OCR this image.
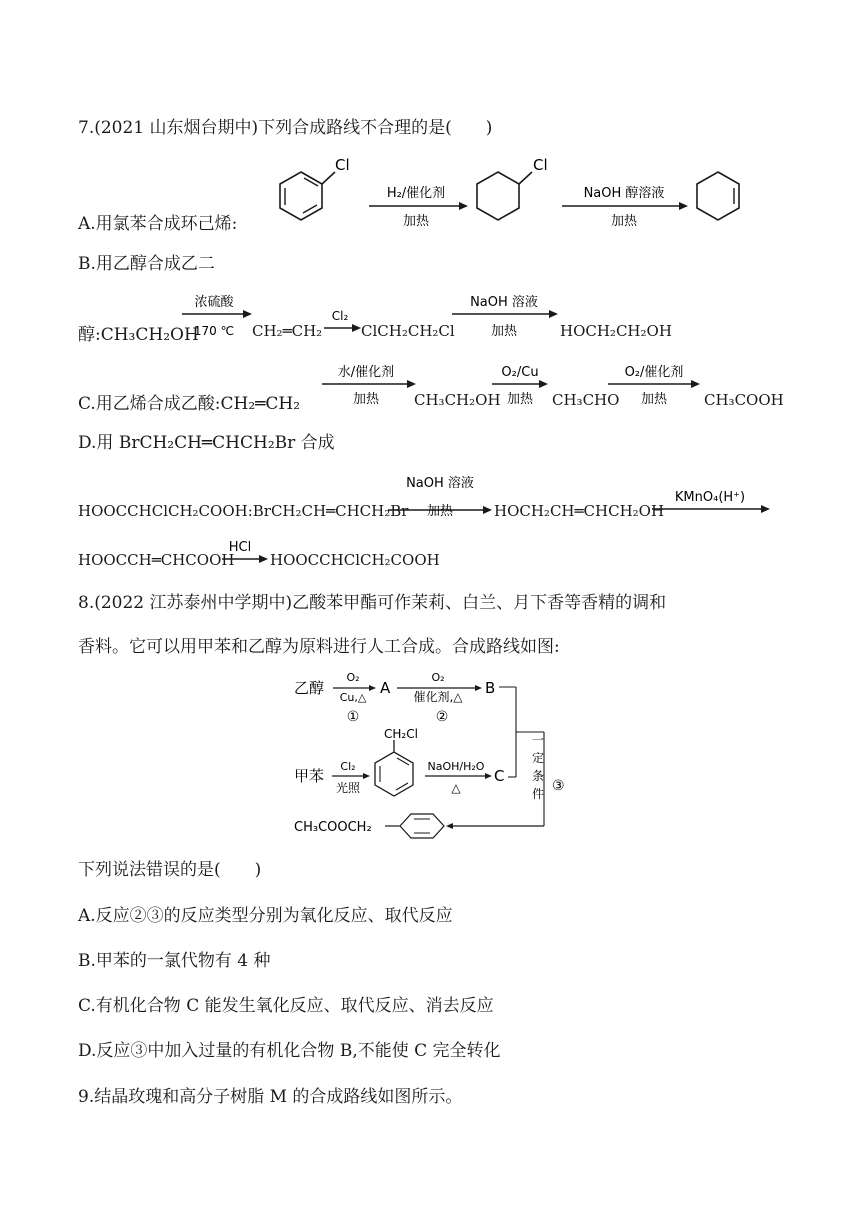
7.(2021 山东烟台期中)下列合成路线不合理的是(　　)
A.用氯苯合成环己烯:
Cl
H₂/催化剂
加热
Cl
NaOH 醇溶液
加热
B.用乙醇合成乙二
浓硫酸
170 ℃
Cl₂
NaOH 溶液
加热
醇:CH₃CH₂OH	CH₂═CH₂	ClCH₂CH₂Cl	HOCH₂CH₂OH
水/催化剂
加热
O₂/Cu
加热
O₂/催化剂
加热
C.用乙烯合成乙酸:CH₂═CH₂	CH₃CH₂OH	CH₃CHO	CH₃COOH
D.用 BrCH₂CH═CHCH₂Br 合成
NaOH 溶液
加热
KMnO₄(H⁺)
HCl
HOOCCHClCH₂COOH:BrCH₂CH═CHCH₂Br	HOCH₂CH═CHCH₂OH
HOOCCH═CHCOOH HOOCCHClCH₂COOH
8.(2022 江苏泰州中学期中)乙酸苯甲酯可作茉莉、白兰、月下香等香精的调和
香料。它可以用甲苯和乙醇为原料进行人工合成。合成路线如图:
乙醇
O₂
Cu,△
①
A
O₂
催化剂,△
②
B
甲苯
Cl₂
光照
CH₂Cl
NaOH/H₂O
△
C
一
定
条
件 ③
CH₃COOCH₂
下列说法错误的是(　　)
A.反应②③的反应类型分别为氧化反应、取代反应
B.甲苯的一氯代物有 4 种
C.有机化合物 C 能发生氧化反应、取代反应、消去反应
D.反应③中加入过量的有机化合物 B,不能使 C 完全转化
9.结晶玫瑰和高分子树脂 M 的合成路线如图所示。
